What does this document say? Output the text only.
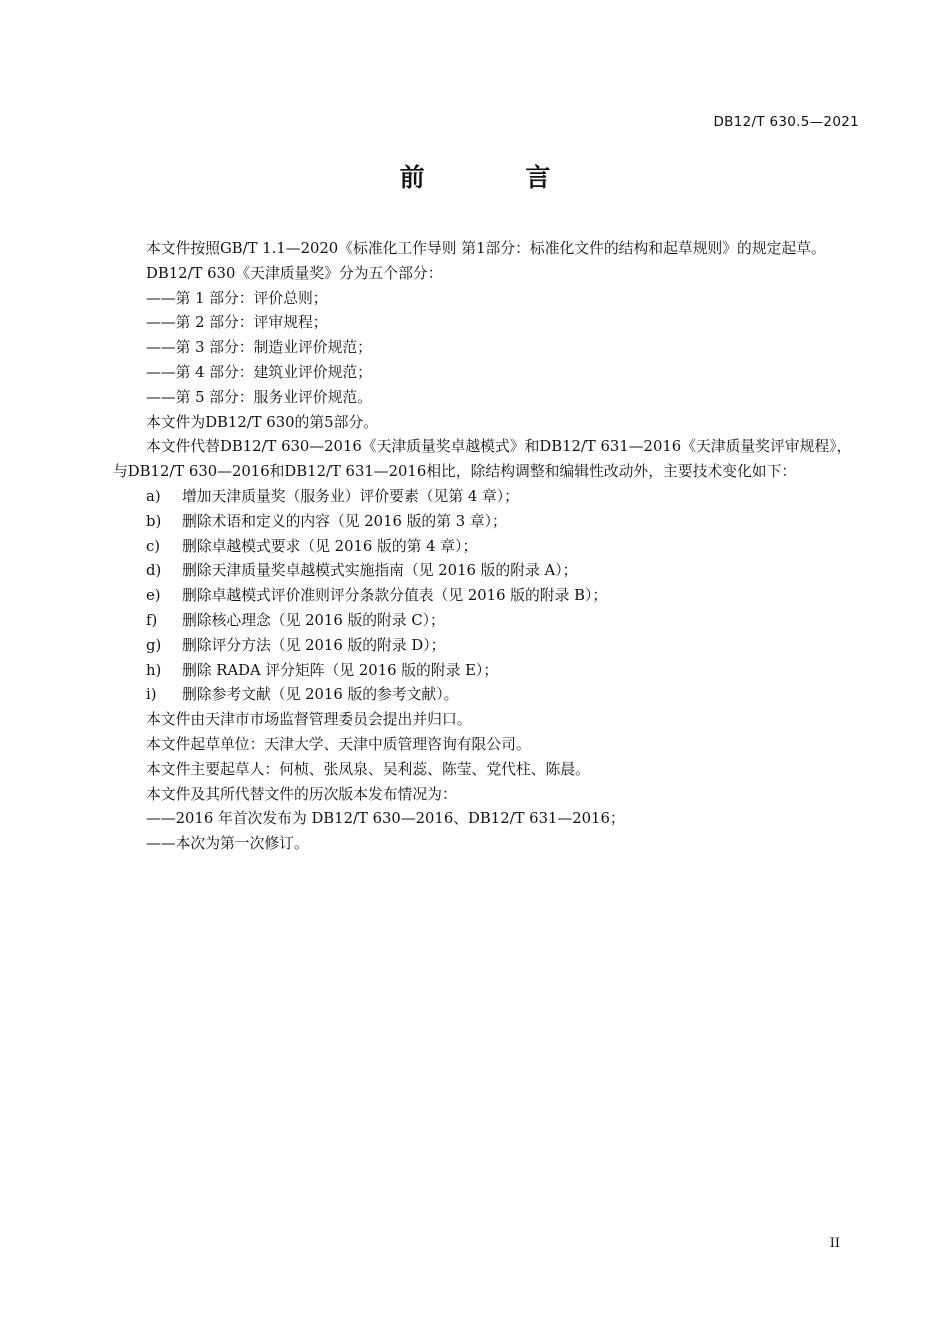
DB12/T 630.5—2021
前 言

本文件按照GB/T 1.1—2020《标准化工作导则 第1部分：标准化文件的结构和起草规则》的规定起草。

DB12/T 630《天津质量奖》分为五个部分：

——第 1 部分：评价总则；

——第 2 部分：评审规程；

——第 3 部分：制造业评价规范；

——第 4 部分：建筑业评价规范；

——第 5 部分：服务业评价规范。

本文件为DB12/T 630的第5部分。

本文件代替DB12/T 630—2016《天津质量奖卓越模式》和DB12/T 631—2016《天津质量奖评审规程》，与DB12/T 630—2016和DB12/T 631—2016相比，除结构调整和编辑性改动外，主要技术变化如下：

a)	增加天津质量奖（服务业）评价要素（见第 4 章）；
b)	删除术语和定义的内容（见 2016 版的第 3 章）；
c)	删除卓越模式要求（见 2016 版的第 4 章）；
d)	删除天津质量奖卓越模式实施指南（见 2016 版的附录 A）；
e)	删除卓越模式评价准则评分条款分值表（见 2016 版的附录 B）；
f)	删除核心理念（见 2016 版的附录 C）；
g)	删除评分方法（见 2016 版的附录 D）；
h)	删除 RADA 评分矩阵（见 2016 版的附录 E）；
i)	删除参考文献（见 2016 版的参考文献）。

本文件由天津市市场监督管理委员会提出并归口。

本文件起草单位：天津大学、天津中质管理咨询有限公司。

本文件主要起草人：何桢、张凤泉、吴利蕊、陈莹、党代柱、陈晨。

本文件及其所代替文件的历次版本发布情况为：

——2016 年首次发布为 DB12/T 630—2016、DB12/T 631—2016；

——本次为第一次修订。

II
